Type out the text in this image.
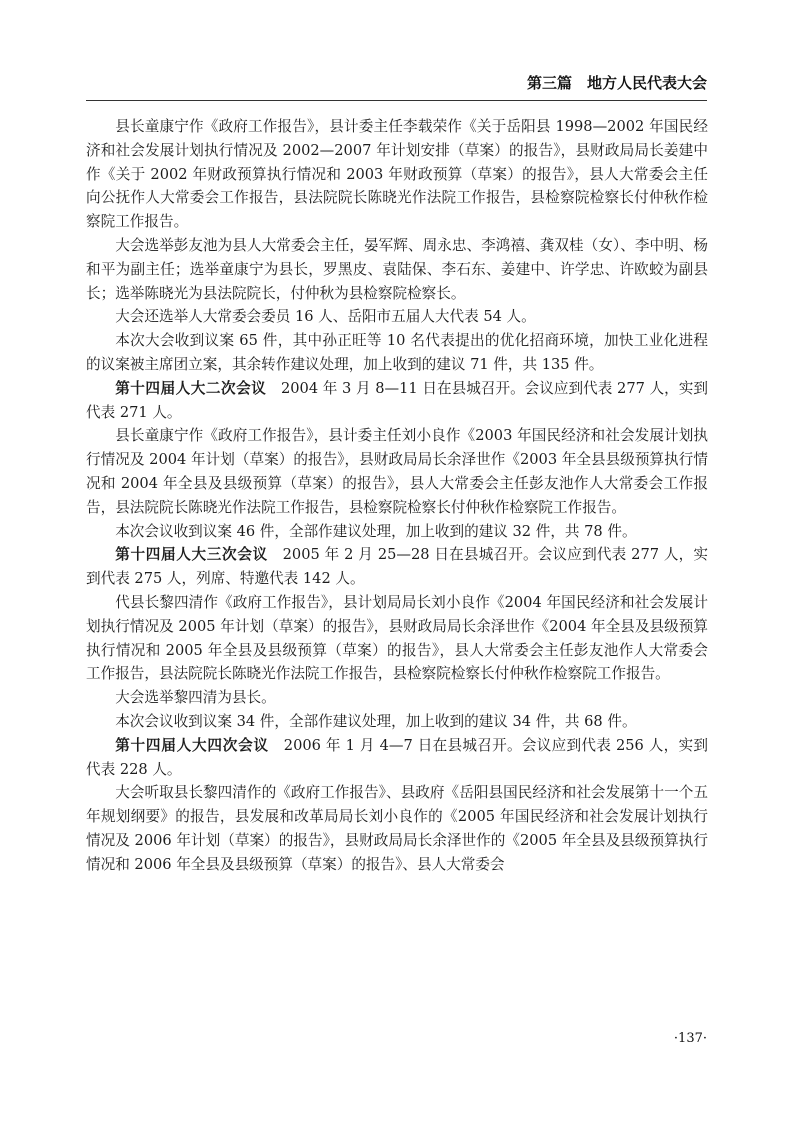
第三篇　地方人民代表大会

县长童康宁作《政府工作报告》，县计委主任李载荣作《关于岳阳县 1998—2002 年国民经济和社会发展计划执行情况及 2002—2007 年计划安排（草案）的报告》，县财政局局长姜建中作《关于 2002 年财政预算执行情况和 2003 年财政预算（草案）的报告》，县人大常委会主任向公抚作人大常委会工作报告，县法院院长陈晓光作法院工作报告，县检察院检察长付仲秋作检察院工作报告。

大会选举彭友池为县人大常委会主任，晏军辉、周永忠、李鸿禧、龚双桂（女）、李中明、杨和平为副主任；选举童康宁为县长，罗黑皮、袁陆保、李石东、姜建中、许学忠、许欧蛟为副县长；选举陈晓光为县法院院长，付仲秋为县检察院检察长。

大会还选举人大常委会委员 16 人、岳阳市五届人大代表 54 人。

本次大会收到议案 65 件，其中孙正旺等 10 名代表提出的优化招商环境，加快工业化进程的议案被主席团立案，其余转作建议处理，加上收到的建议 71 件，共 135 件。

第十四届人大二次会议　 2004 年 3 月 8—11 日在县城召开。会议应到代表 277 人，实到代表 271 人。

县长童康宁作《政府工作报告》，县计委主任刘小良作《2003 年国民经济和社会发展计划执行情况及 2004 年计划（草案）的报告》，县财政局局长余泽世作《2003 年全县县级预算执行情况和 2004 年全县及县级预算（草案）的报告》，县人大常委会主任彭友池作人大常委会工作报告，县法院院长陈晓光作法院工作报告，县检察院检察长付仲秋作检察院工作报告。

本次会议收到议案 46 件，全部作建议处理，加上收到的建议 32 件，共 78 件。

第十四届人大三次会议　 2005 年 2 月 25—28 日在县城召开。会议应到代表 277 人，实到代表 275 人，列席、特邀代表 142 人。

代县长黎四清作《政府工作报告》，县计划局局长刘小良作《2004 年国民经济和社会发展计划执行情况及 2005 年计划（草案）的报告》，县财政局局长余泽世作《2004 年全县及县级预算执行情况和 2005 年全县及县级预算（草案）的报告》，县人大常委会主任彭友池作人大常委会工作报告，县法院院长陈晓光作法院工作报告，县检察院检察长付仲秋作检察院工作报告。

大会选举黎四清为县长。

本次会议收到议案 34 件，全部作建议处理，加上收到的建议 34 件，共 68 件。

第十四届人大四次会议　 2006 年 1 月 4—7 日在县城召开。会议应到代表 256 人，实到代表 228 人。

大会听取县长黎四清作的《政府工作报告》、县政府《岳阳县国民经济和社会发展第十一个五年规划纲要》的报告，县发展和改革局局长刘小良作的《2005 年国民经济和社会发展计划执行情况及 2006 年计划（草案）的报告》，县财政局局长余泽世作的《2005 年全县及县级预算执行情况和 2006 年全县及县级预算（草案）的报告》、县人大常委会

·137·
